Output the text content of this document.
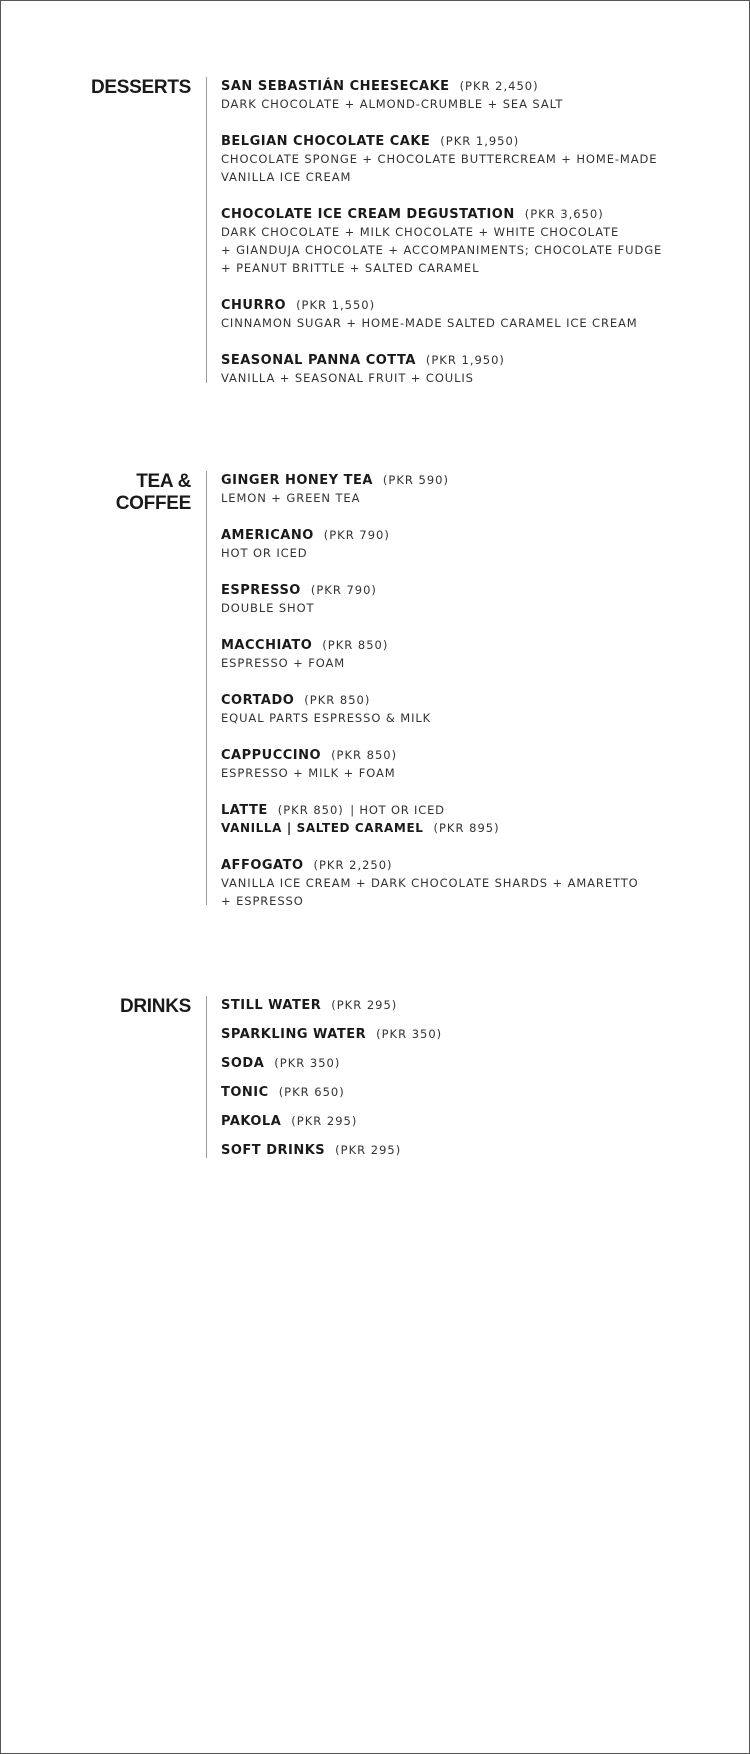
DESSERTS SAN SEBASTIÁN CHEESECAKE (PKR 2,450)
DARK CHOCOLATE + ALMOND-CRUMBLE + SEA SALT
BELGIAN CHOCOLATE CAKE (PKR 1,950)
CHOCOLATE SPONGE + CHOCOLATE BUTTERCREAM + HOME-MADE
VANILLA ICE CREAM
CHOCOLATE ICE CREAM DEGUSTATION (PKR 3,650)
DARK CHOCOLATE + MILK CHOCOLATE + WHITE CHOCOLATE
+ GIANDUJA CHOCOLATE + ACCOMPANIMENTS; CHOCOLATE FUDGE
+ PEANUT BRITTLE + SALTED CARAMEL
CHURRO (PKR 1,550)
CINNAMON SUGAR + HOME-MADE SALTED CARAMEL ICE CREAM
SEASONAL PANNA COTTA (PKR 1,950)
VANILLA + SEASONAL FRUIT + COULIS
TEA &
COFFEE
GINGER HONEY TEA (PKR 590)
LEMON + GREEN TEA
AMERICANO (PKR 790)
HOT OR ICED
ESPRESSO (PKR 790)
DOUBLE SHOT
MACCHIATO (PKR 850)
ESPRESSO + FOAM
CORTADO (PKR 850)
EQUAL PARTS ESPRESSO & MILK
CAPPUCCINO (PKR 850)
ESPRESSO + MILK + FOAM
LATTE (PKR 850) | HOT OR ICED
VANILLA | SALTED CARAMEL (PKR 895)
AFFOGATO (PKR 2,250)
VANILLA ICE CREAM + DARK CHOCOLATE SHARDS + AMARETTO
+ ESPRESSO
DRINKS STILL WATER (PKR 295)
SPARKLING WATER (PKR 350)
SODA (PKR 350)
TONIC (PKR 650)
PAKOLA (PKR 295)
SOFT DRINKS (PKR 295)
